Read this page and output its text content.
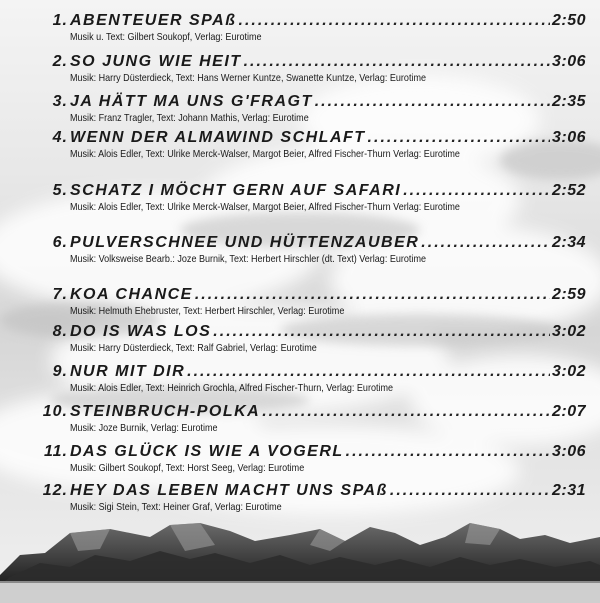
1. ABENTEUER SPAß .....	2:50
Musik u. Text: Gilbert Soukopf, Verlag: Eurotime
2. SO JUNG WIE HEIT .....	3:06
Musik: Harry Düsterdieck, Text: Hans Werner Kuntze, Swanette Kuntze, Verlag: Eurotime
3. JA HÄTT MA UNS G'FRAGT .....	2:35
Musik: Franz Tragler, Text: Johann Mathis, Verlag: Eurotime
4. WENN DER ALMAWIND SCHLAFT .....	3:06
Musik: Alois Edler, Text: Ulrike Merck-Walser, Margot Beier, Alfred Fischer-Thurn Verlag: Eurotime
5. SCHATZ I MÖCHT GERN AUF SAFARI .....	2:52
Musik: Alois Edler, Text: Ulrike Merck-Walser, Margot Beier, Alfred Fischer-Thurn Verlag: Eurotime
6. PULVERSCHNEE UND HÜTTENZAUBER .....	2:34
Musik: Volksweise Bearb.: Joze Burnik, Text: Herbert Hirschler (dt. Text) Verlag: Eurotime
7. KOA CHANCE .....	2:59
Musik: Helmuth Ehebruster, Text: Herbert Hirschler, Verlag: Eurotime
8. DO IS WAS LOS .....	3:02
Musik: Harry Düsterdieck, Text: Ralf Gabriel, Verlag: Eurotime
9. NUR MIT DIR .....	3:02
Musik: Alois Edler, Text: Heinrich Grochla, Alfred Fischer-Thurn, Verlag: Eurotime
10. STEINBRUCH-POLKA .....	2:07
Musik: Joze Burnik, Verlag: Eurotime
11. DAS GLÜCK IS WIE A VOGERL .....	3:06
Musik: Gilbert Soukopf, Text: Horst Seeg, Verlag: Eurotime
12. HEY DAS LEBEN MACHT UNS SPAß .....	2:31
Musik: Sigi Stein, Text: Heiner Graf, Verlag: Eurotime
